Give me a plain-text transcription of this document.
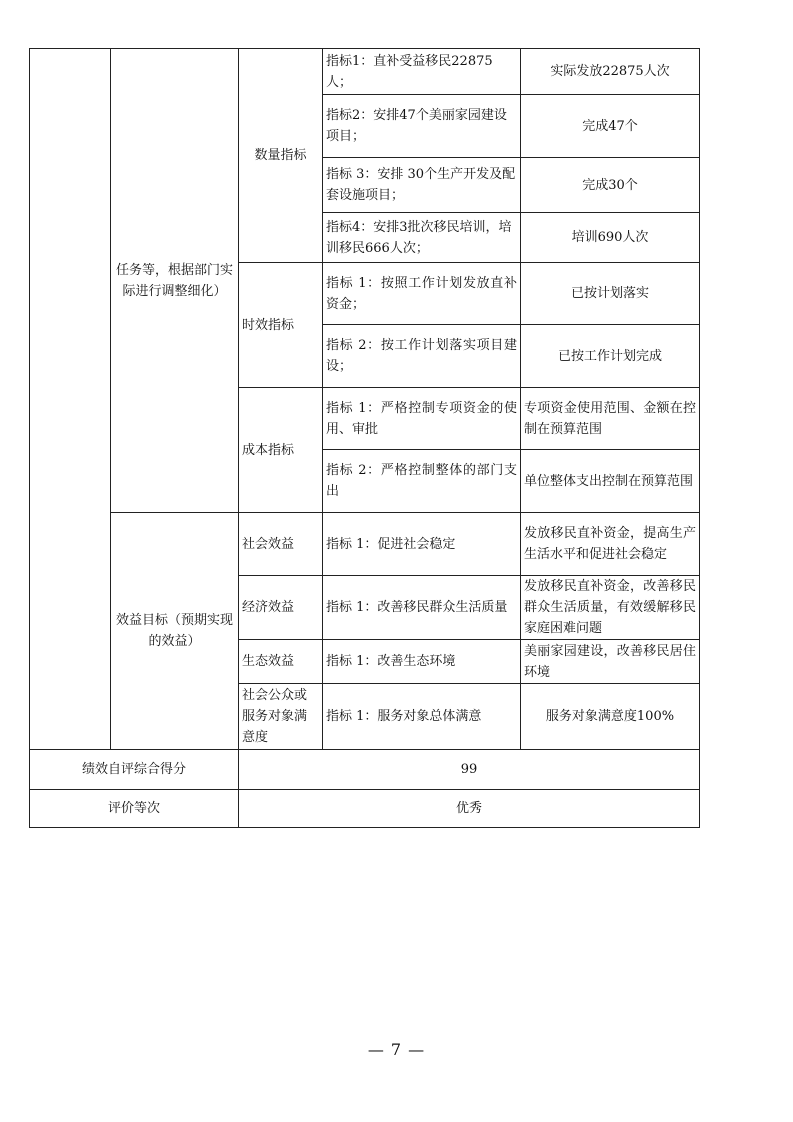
	任务等，根据部门实际进行调整细化）	数量指标	指标1：直补受益移民22875人；	实际发放22875人次
			指标2：安排47个美丽家园建设项目；	完成47个
			指标 3：安排 30个生产开发及配套设施项目；	完成30个
			指标4：安排3批次移民培训，培训移民666人次；	培训690人次
		时效指标	指标 1：按照工作计划发放直补资金；	已按计划落实
			指标 2：按工作计划落实项目建设；	已按工作计划完成
		成本指标	指标 1：严格控制专项资金的使用、审批	专项资金使用范围、金额在控制在预算范围
			指标 2：严格控制整体的部门支出	单位整体支出控制在预算范围
	效益目标（预期实现的效益）	社会效益	指标 1：促进社会稳定	发放移民直补资金，提高生产生活水平和促进社会稳定
		经济效益	指标 1：改善移民群众生活质量	发放移民直补资金，改善移民群众生活质量，有效缓解移民家庭困难问题
		生态效益	指标 1：改善生态环境	美丽家园建设，改善移民居住环境
		社会公众或服务对象满意度	指标 1：服务对象总体满意	服务对象满意度100%
绩效自评综合得分		99		
评价等次		优秀		
— 7 —
